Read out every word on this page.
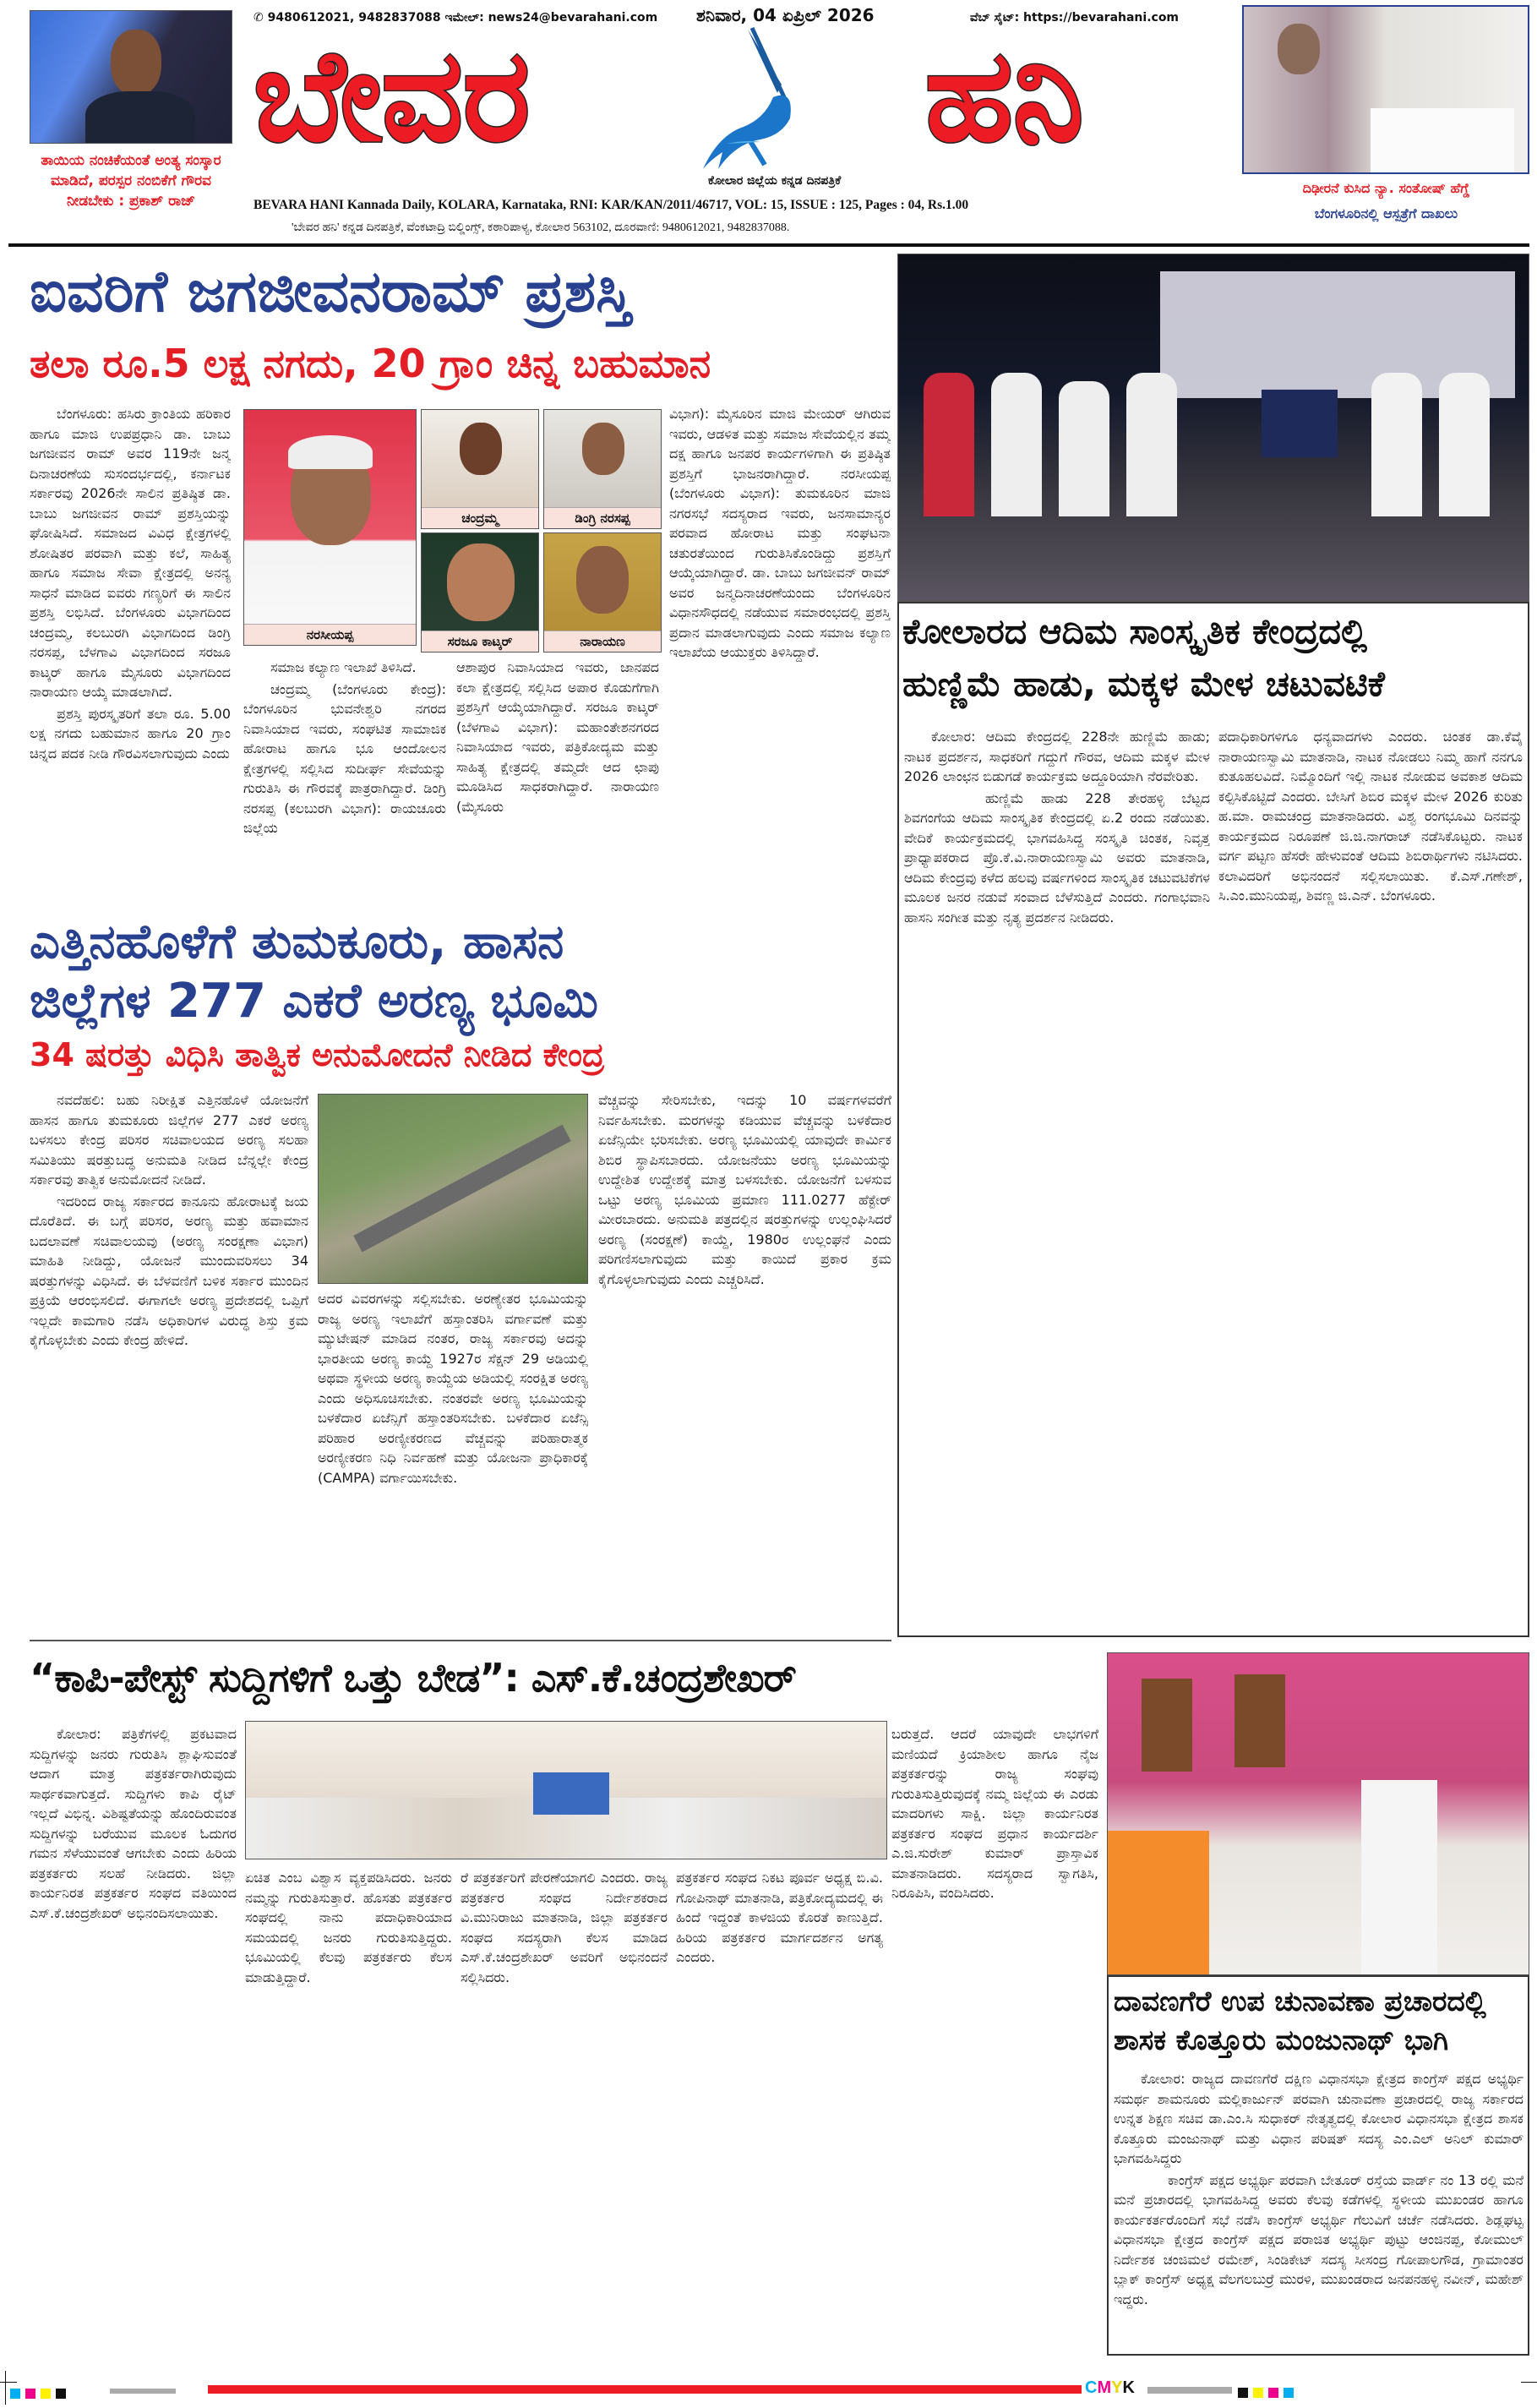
ತಾಯಿಯ ನಂಚಿಕೆಯಂತೆ ಅಂತ್ಯ ಸಂಸ್ಕಾರ ಮಾಡಿದೆ, ಪರಸ್ಪರ ನಂಬಿಕೆಗೆ ಗೌರವ ನೀಡಬೇಕು : ಪ್ರಕಾಶ್ ರಾಜ್
✆ 9480612021, 9482837088 ಇಮೇಲ್: news24@bevarahani.com	ಶನಿವಾರ, 04 ಏಪ್ರಿಲ್ 2026	ವೆಬ್ ಸೈಟ್: https://bevarahani.com
ಬೇವರ
ಕೋಲಾರ ಜಿಲ್ಲೆಯ ಕನ್ನಡ ದಿನಪತ್ರಿಕೆ
ಹನಿ
BEVARA HANI Kannada Daily, KOLARA, Karnataka, RNI: KAR/KAN/2011/46717, VOL: 15, ISSUE : 125, Pages : 04, Rs.1.00
'ಬೇವರ ಹನಿ' ಕನ್ನಡ ದಿನಪತ್ರಿಕೆ, ವೆಂಕಟಾದ್ರಿ ಬಿಲ್ಡಿಂಗ್ಸ್, ಕಠಾರಿಪಾಳ್ಯ, ಕೋಲಾರ 563102, ದೂರವಾಣಿ: 9480612021, 9482837088.
ದಿಢೀರನೆ ಕುಸಿದ ನ್ಯಾ. ಸಂತೋಷ್ ಹೆಗ್ಡೆ
ಬೆಂಗಳೂರಿನಲ್ಲಿ ಆಸ್ಪತ್ರೆಗೆ ದಾಖಲು
ಐವರಿಗೆ ಜಗಜೀವನರಾಮ್ ಪ್ರಶಸ್ತಿ
ತಲಾ ರೂ.5 ಲಕ್ಷ ನಗದು, 20 ಗ್ರಾಂ ಚಿನ್ನ ಬಹುಮಾನ

ಬೆಂಗಳೂರು: ಹಸಿರು ಕ್ರಾಂತಿಯ ಹರಿಕಾರ ಹಾಗೂ ಮಾಜಿ ಉಪಪ್ರಧಾನಿ ಡಾ. ಬಾಬು ಜಗಜೀವನ ರಾಮ್ ಅವರ 119ನೇ ಜನ್ಮ ದಿನಾಚರಣೆಯ ಸುಸಂದರ್ಭದಲ್ಲಿ, ಕರ್ನಾಟಕ ಸರ್ಕಾರವು 2026ನೇ ಸಾಲಿನ ಪ್ರತಿಷ್ಠಿತ ಡಾ. ಬಾಬು ಜಗಜೀವನ ರಾಮ್ ಪ್ರಶಸ್ತಿಯನ್ನು ಘೋಷಿಸಿದೆ. ಸಮಾಜದ ವಿವಿಧ ಕ್ಷೇತ್ರಗಳಲ್ಲಿ ಶೋಷಿತರ ಪರವಾಗಿ ಮತ್ತು ಕಲೆ, ಸಾಹಿತ್ಯ ಹಾಗೂ ಸಮಾಜ ಸೇವಾ ಕ್ಷೇತ್ರದಲ್ಲಿ ಅನನ್ಯ ಸಾಧನೆ ಮಾಡಿದ ಐವರು ಗಣ್ಯರಿಗೆ ಈ ಸಾಲಿನ ಪ್ರಶಸ್ತಿ ಲಭಿಸಿದೆ. ಬೆಂಗಳೂರು ವಿಭಾಗದಿಂದ ಚಂದ್ರಮ್ಮ, ಕಲಬುರಗಿ ವಿಭಾಗದಿಂದ ಡಿಂಗ್ರಿ ನರಸಪ್ಪ, ಬೆಳಗಾವಿ ವಿಭಾಗದಿಂದ ಸರಜೂ ಕಾಟ್ಕರ್ ಹಾಗೂ ಮೈಸೂರು ವಿಭಾಗದಿಂದ ನಾರಾಯಣ ಆಯ್ಕೆ ಮಾಡಲಾಗಿದೆ.

ಪ್ರಶಸ್ತಿ ಪುರಸ್ಕೃತರಿಗೆ ತಲಾ ರೂ. 5.00 ಲಕ್ಷ ನಗದು ಬಹುಮಾನ ಹಾಗೂ 20 ಗ್ರಾಂ ಚಿನ್ನದ ಪದಕ ನೀಡಿ ಗೌರವಿಸಲಾಗುವುದು ಎಂದು

ನರಸೀಯಪ್ಪ
ಚಂದ್ರಮ್ಮ	ಡಿಂಗ್ರಿ ನರಸಪ್ಪ
ಸರಜೂ ಕಾಟ್ಕರ್	ನಾರಾಯಣ

ಸಮಾಜ ಕಲ್ಯಾಣ ಇಲಾಖೆ ತಿಳಿಸಿದೆ.

ಚಂದ್ರಮ್ಮ (ಬೆಂಗಳೂರು ಕೇಂದ್ರ): ಬೆಂಗಳೂರಿನ ಭುವನೇಶ್ವರಿ ನಗರದ ನಿವಾಸಿಯಾದ ಇವರು, ಸಂಘಟಿತ ಸಾಮಾಜಿಕ ಹೋರಾಟ ಹಾಗೂ ಭೂ ಆಂದೋಲನ ಕ್ಷೇತ್ರಗಳಲ್ಲಿ ಸಲ್ಲಿಸಿದ ಸುದೀರ್ಘ ಸೇವೆಯನ್ನು ಗುರುತಿಸಿ ಈ ಗೌರವಕ್ಕೆ ಪಾತ್ರರಾಗಿದ್ದಾರೆ. ಡಿಂಗ್ರಿ ನರಸಪ್ಪ (ಕಲಬುರಗಿ ವಿಭಾಗ): ರಾಯಚೂರು ಜಿಲ್ಲೆಯ

ಆಶಾಪುರ ನಿವಾಸಿಯಾದ ಇವರು, ಜಾನಪದ ಕಲಾ ಕ್ಷೇತ್ರದಲ್ಲಿ ಸಲ್ಲಿಸಿದ ಅಪಾರ ಕೊಡುಗೆಗಾಗಿ ಪ್ರಶಸ್ತಿಗೆ ಆಯ್ಕೆಯಾಗಿದ್ದಾರೆ. ಸರಜೂ ಕಾಟ್ಕರ್ (ಬೆಳಗಾವಿ ವಿಭಾಗ): ಮಹಾಂತೇಶನಗರದ ನಿವಾಸಿಯಾದ ಇವರು, ಪತ್ರಿಕೋದ್ಯಮ ಮತ್ತು ಸಾಹಿತ್ಯ ಕ್ಷೇತ್ರದಲ್ಲಿ ತಮ್ಮದೇ ಆದ ಛಾಪು ಮೂಡಿಸಿದ ಸಾಧಕರಾಗಿದ್ದಾರೆ. ನಾರಾಯಣ (ಮೈಸೂರು

ವಿಭಾಗ): ಮೈಸೂರಿನ ಮಾಜಿ ಮೇಯರ್ ಆಗಿರುವ ಇವರು, ಆಡಳಿತ ಮತ್ತು ಸಮಾಜ ಸೇವೆಯಲ್ಲಿನ ತಮ್ಮ ದಕ್ಷ ಹಾಗೂ ಜನಪರ ಕಾರ್ಯಗಳಿಗಾಗಿ ಈ ಪ್ರತಿಷ್ಠಿತ ಪ್ರಶಸ್ತಿಗೆ ಭಾಜನರಾಗಿದ್ದಾರೆ. ನರಸೀಯಪ್ಪ (ಬೆಂಗಳೂರು ವಿಭಾಗ): ತುಮಕೂರಿನ ಮಾಜಿ ನಗರಸಭೆ ಸದಸ್ಯರಾದ ಇವರು, ಜನಸಾಮಾನ್ಯರ ಪರವಾದ ಹೋರಾಟ ಮತ್ತು ಸಂಘಟನಾ ಚತುರತೆಯಿಂದ ಗುರುತಿಸಿಕೊಂಡಿದ್ದು ಪ್ರಶಸ್ತಿಗೆ ಆಯ್ಕೆಯಾಗಿದ್ದಾರೆ. ಡಾ. ಬಾಬು ಜಗಜೀವನ್ ರಾಮ್ ಅವರ ಜನ್ಮದಿನಾಚರಣೆಯಂದು ಬೆಂಗಳೂರಿನ ವಿಧಾನಸೌಧದಲ್ಲಿ ನಡೆಯುವ ಸಮಾರಂಭದಲ್ಲಿ ಪ್ರಶಸ್ತಿ ಪ್ರದಾನ ಮಾಡಲಾಗುವುದು ಎಂದು ಸಮಾಜ ಕಲ್ಯಾಣ ಇಲಾಖೆಯ ಆಯುಕ್ತರು ತಿಳಿಸಿದ್ದಾರೆ.

ಕೋಲಾರದ ಆದಿಮ ಸಾಂಸ್ಕೃತಿಕ ಕೇಂದ್ರದಲ್ಲಿ
ಹುಣ್ಣಿಮೆ ಹಾಡು, ಮಕ್ಕಳ ಮೇಳ ಚಟುವಟಿಕೆ

ಕೋಲಾರ: ಆದಿಮ ಕೇಂದ್ರದಲ್ಲಿ 228ನೇ ಹುಣ್ಣಿಮೆ ಹಾಡು; ನಾಟಕ ಪ್ರದರ್ಶನ, ಸಾಧಕರಿಗೆ ಗದ್ದುಗೆ ಗೌರವ, ಆದಿಮ ಮಕ್ಕಳ ಮೇಳ 2026 ಲಾಂಛನ ಬಿಡುಗಡೆ ಕಾರ್ಯಕ್ರಮ ಅದ್ದೂರಿಯಾಗಿ ನೆರವೇರಿತು.

ಹುಣ್ಣಿಮೆ ಹಾಡು 228 ತೇರಹಳ್ಳಿ ಬೆಟ್ಟದ ಶಿವಗಂಗೆಯ ಆದಿಮ ಸಾಂಸ್ಕೃತಿಕ ಕೇಂದ್ರದಲ್ಲಿ ಏ.2 ರಂದು ನಡೆಯಿತು. ವೇದಿಕೆ ಕಾರ್ಯಕ್ರಮದಲ್ಲಿ ಭಾಗವಹಿಸಿದ್ದ ಸಂಸ್ಕೃತಿ ಚಿಂತಕ, ನಿವೃತ್ತ ಪ್ರಾಧ್ಯಾಪಕರಾದ ಪ್ರೊ.ಕೆ.ವಿ.ನಾರಾಯಣಸ್ವಾಮಿ ಅವರು ಮಾತನಾಡಿ, ಆದಿಮ ಕೇಂದ್ರವು ಕಳೆದ ಹಲವು ವರ್ಷಗಳಿಂದ ಸಾಂಸ್ಕೃತಿಕ ಚಟುವಟಿಕೆಗಳ ಮೂಲಕ ಜನರ ನಡುವೆ ಸಂವಾದ ಬೆಳೆಸುತ್ತಿದೆ ಎಂದರು. ಗಂಗಾಭವಾನಿ ಹಾಸನಿ ಸಂಗೀತ ಮತ್ತು ನೃತ್ಯ ಪ್ರದರ್ಶನ ನೀಡಿದರು.

ಪದಾಧಿಕಾರಿಗಳಿಗೂ ಧನ್ಯವಾದಗಳು ಎಂದರು. ಚಿಂತಕ ಡಾ.ಕೆವೈ ನಾರಾಯಣಸ್ವಾಮಿ ಮಾತನಾಡಿ, ನಾಟಕ ನೋಡಲು ನಿಮ್ಮ ಹಾಗೆ ನನಗೂ ಕುತೂಹಲವಿದೆ. ನಿಮ್ಮೊಂದಿಗೆ ಇಲ್ಲಿ ನಾಟಕ ನೋಡುವ ಅವಕಾಶ ಆದಿಮ ಕಲ್ಪಿಸಿಕೊಟ್ಟಿದೆ ಎಂದರು. ಬೇಸಿಗೆ ಶಿಬಿರ ಮಕ್ಕಳ ಮೇಳ 2026 ಕುರಿತು ಹ.ಮಾ. ರಾಮಚಂದ್ರ ಮಾತನಾಡಿದರು. ವಿಶ್ವ ರಂಗಭೂಮಿ ದಿನವನ್ನು ಕಾರ್ಯಕ್ರಮದ ನಿರೂಪಣೆ ಜಿ.ಜಿ.ನಾಗರಾಜ್ ನಡೆಸಿಕೊಟ್ಟರು. ನಾಟಕ ವರ್ಗ ಪಟ್ಟಣ ಹೆಸರೇ ಹೇಳುವಂತೆ ಆದಿಮ ಶಿಬಿರಾರ್ಥಿಗಳು ನಟಿಸಿದರು. ಕಲಾವಿದರಿಗೆ ಅಭಿನಂದನೆ ಸಲ್ಲಿಸಲಾಯಿತು. ಕೆ.ಎಸ್.ಗಣೇಶ್, ಸಿ.ಎಂ.ಮುನಿಯಪ್ಪ, ಶಿವಣ್ಣ ಜಿ.ಎನ್. ಬೆಂಗಳೂರು.

ಎತ್ತಿನಹೊಳೆಗೆ ತುಮಕೂರು, ಹಾಸನ
ಜಿಲ್ಲೆಗಳ 277 ಎಕರೆ ಅರಣ್ಯ ಭೂಮಿ
34 ಷರತ್ತು ವಿಧಿಸಿ ತಾತ್ವಿಕ ಅನುಮೋದನೆ ನೀಡಿದ ಕೇಂದ್ರ

ನವದೆಹಲಿ: ಬಹು ನಿರೀಕ್ಷಿತ ಎತ್ತಿನಹೊಳೆ ಯೋಜನೆಗೆ ಹಾಸನ ಹಾಗೂ ತುಮಕೂರು ಜಿಲ್ಲೆಗಳ 277 ಎಕರೆ ಅರಣ್ಯ ಬಳಸಲು ಕೇಂದ್ರ ಪರಿಸರ ಸಚಿವಾಲಯದ ಅರಣ್ಯ ಸಲಹಾ ಸಮಿತಿಯು ಷರತ್ತುಬದ್ಧ ಅನುಮತಿ ನೀಡಿದ ಬೆನ್ನಲ್ಲೇ ಕೇಂದ್ರ ಸರ್ಕಾರವು ತಾತ್ವಿಕ ಅನುಮೋದನೆ ನೀಡಿದೆ.

ಇದರಿಂದ ರಾಜ್ಯ ಸರ್ಕಾರದ ಕಾನೂನು ಹೋರಾಟಕ್ಕೆ ಜಯ ದೊರೆತಿದೆ. ಈ ಬಗ್ಗೆ ಪರಿಸರ, ಅರಣ್ಯ ಮತ್ತು ಹವಾಮಾನ ಬದಲಾವಣೆ ಸಚಿವಾಲಯವು (ಅರಣ್ಯ ಸಂರಕ್ಷಣಾ ವಿಭಾಗ) ಮಾಹಿತಿ ನೀಡಿದ್ದು, ಯೋಜನೆ ಮುಂದುವರಿಸಲು 34 ಷರತ್ತುಗಳನ್ನು ವಿಧಿಸಿದೆ. ಈ ಬೆಳವಣಿಗೆ ಬಳಿಕ ಸರ್ಕಾರ ಮುಂದಿನ ಪ್ರಕ್ರಿಯೆ ಆರಂಭಿಸಲಿದೆ. ಈಗಾಗಲೇ ಅರಣ್ಯ ಪ್ರದೇಶದಲ್ಲಿ ಒಪ್ಪಿಗೆ ಇಲ್ಲದೇ ಕಾಮಗಾರಿ ನಡೆಸಿ ಅಧಿಕಾರಿಗಳ ವಿರುದ್ಧ ಶಿಸ್ತು ಕ್ರಮ ಕೈಗೊಳ್ಳಬೇಕು ಎಂದು ಕೇಂದ್ರ ಹೇಳಿದೆ.

ಅದರ ವಿವರಗಳನ್ನು ಸಲ್ಲಿಸಬೇಕು. ಅರಣ್ಯೇತರ ಭೂಮಿಯನ್ನು ರಾಜ್ಯ ಅರಣ್ಯ ಇಲಾಖೆಗೆ ಹಸ್ತಾಂತರಿಸಿ ವರ್ಗಾವಣೆ ಮತ್ತು ಮ್ಯುಟೇಷನ್ ಮಾಡಿದ ನಂತರ, ರಾಜ್ಯ ಸರ್ಕಾರವು ಅದನ್ನು ಭಾರತೀಯ ಅರಣ್ಯ ಕಾಯ್ದೆ 1927ರ ಸೆಕ್ಷನ್ 29 ಅಡಿಯಲ್ಲಿ ಅಥವಾ ಸ್ಥಳೀಯ ಅರಣ್ಯ ಕಾಯ್ದೆಯ ಅಡಿಯಲ್ಲಿ ಸಂರಕ್ಷಿತ ಅರಣ್ಯ ಎಂದು ಅಧಿಸೂಚಿಸಬೇಕು. ನಂತರವೇ ಅರಣ್ಯ ಭೂಮಿಯನ್ನು ಬಳಕೆದಾರ ಏಜೆನ್ಸಿಗೆ ಹಸ್ತಾಂತರಿಸಬೇಕು. ಬಳಕೆದಾರ ಏಜೆನ್ಸಿ ಪರಿಹಾರ ಅರಣ್ಯೀಕರಣದ ವೆಚ್ಚವನ್ನು ಪರಿಹಾರಾತ್ಮಕ ಅರಣ್ಯೀಕರಣ ನಿಧಿ ನಿರ್ವಹಣೆ ಮತ್ತು ಯೋಜನಾ ಪ್ರಾಧಿಕಾರಕ್ಕೆ (CAMPA) ವರ್ಗಾಯಿಸಬೇಕು.

ವೆಚ್ಚವನ್ನು ಸೇರಿಸಬೇಕು, ಇದನ್ನು 10 ವರ್ಷಗಳವರೆಗೆ ನಿರ್ವಹಿಸಬೇಕು. ಮರಗಳನ್ನು ಕಡಿಯುವ ವೆಚ್ಚವನ್ನು ಬಳಕೆದಾರ ಏಜೆನ್ಸಿಯೇ ಭರಿಸಬೇಕು. ಅರಣ್ಯ ಭೂಮಿಯಲ್ಲಿ ಯಾವುದೇ ಕಾರ್ಮಿಕ ಶಿಬಿರ ಸ್ಥಾಪಿಸಬಾರದು. ಯೋಜನೆಯು ಅರಣ್ಯ ಭೂಮಿಯನ್ನು ಉದ್ದೇಶಿತ ಉದ್ದೇಶಕ್ಕೆ ಮಾತ್ರ ಬಳಸಬೇಕು. ಯೋಜನೆಗೆ ಬಳಸುವ ಒಟ್ಟು ಅರಣ್ಯ ಭೂಮಿಯ ಪ್ರಮಾಣ 111.0277 ಹೆಕ್ಟೇರ್ ಮೀರಬಾರದು. ಅನುಮತಿ ಪತ್ರದಲ್ಲಿನ ಷರತ್ತುಗಳನ್ನು ಉಲ್ಲಂಘಿಸಿದರೆ ಅರಣ್ಯ (ಸಂರಕ್ಷಣೆ) ಕಾಯ್ದೆ, 1980ರ ಉಲ್ಲಂಘನೆ ಎಂದು ಪರಿಗಣಿಸಲಾಗುವುದು ಮತ್ತು ಕಾಯಿದೆ ಪ್ರಕಾರ ಕ್ರಮ ಕೈಗೊಳ್ಳಲಾಗುವುದು ಎಂದು ಎಚ್ಚರಿಸಿದೆ.

“ಕಾಪಿ-ಪೇಸ್ಟ್ ಸುದ್ದಿಗಳಿಗೆ ಒತ್ತು ಬೇಡ”: ಎಸ್.ಕೆ.ಚಂದ್ರಶೇಖರ್

ಕೋಲಾರ: ಪತ್ರಿಕೆಗಳಲ್ಲಿ ಪ್ರಕಟವಾದ ಸುದ್ದಿಗಳನ್ನು ಜನರು ಗುರುತಿಸಿ ಶ್ಲಾಘಿಸುವಂತೆ ಆದಾಗ ಮಾತ್ರ ಪತ್ರಕರ್ತರಾಗಿರುವುದು ಸಾರ್ಥಕವಾಗುತ್ತದೆ. ಸುದ್ದಿಗಳು ಕಾಪಿ ರೈಟ್ ಇಲ್ಲದೆ ವಿಭಿನ್ನ. ವಿಶಿಷ್ಟತೆಯನ್ನು ಹೊಂದಿರುವಂತ ಸುದ್ದಿಗಳನ್ನು ಬರೆಯುವ ಮೂಲಕ ಓದುಗರ ಗಮನ ಸೆಳೆಯುವಂತೆ ಆಗಬೇಕು ಎಂದು ಹಿರಿಯ ಪತ್ರಕರ್ತರು ಸಲಹೆ ನೀಡಿದರು. ಜಿಲ್ಲಾ ಕಾರ್ಯನಿರತ ಪತ್ರಕರ್ತರ ಸಂಘದ ವತಿಯಿಂದ ಎಸ್.ಕೆ.ಚಂದ್ರಶೇಖರ್ ಅಭಿನಂದಿಸಲಾಯಿತು.

ಏಚಿತ ಎಂಬ ವಿಶ್ವಾಸ ವ್ಯಕ್ತಪಡಿಸಿದರು. ಜನರು ನಮ್ಮನ್ನು ಗುರುತಿಸುತ್ತಾರೆ. ಹೊಸತು ಪತ್ರಕರ್ತರ ಸಂಘದಲ್ಲಿ ನಾನು ಪದಾಧಿಕಾರಿಯಾದ ಸಮಯದಲ್ಲಿ ಜನರು ಗುರುತಿಸುತ್ತಿದ್ದರು. ಭೂಮಿಯಲ್ಲಿ ಕೆಲವು ಪತ್ರಕರ್ತರು ಕೆಲಸ ಮಾಡುತ್ತಿದ್ದಾರೆ.

ರೆ ಪತ್ರಕರ್ತರಿಗೆ ಪೇರಣೆಯಾಗಲಿ ಎಂದರು. ರಾಜ್ಯ ಪತ್ರಕರ್ತರ ಸಂಘದ ನಿರ್ದೇಶಕರಾದ ವಿ.ಮುನಿರಾಜು ಮಾತನಾಡಿ, ಜಿಲ್ಲಾ ಪತ್ರಕರ್ತರ ಸಂಘದ ಸದಸ್ಯರಾಗಿ ಕೆಲಸ ಮಾಡಿದ ಎಸ್.ಕೆ.ಚಂದ್ರಶೇಖರ್ ಅವರಿಗೆ ಅಭಿನಂದನೆ ಸಲ್ಲಿಸಿದರು.

ಪತ್ರಕರ್ತರ ಸಂಘದ ನಿಕಟ ಪೂರ್ವ ಅಧ್ಯಕ್ಷ ಬಿ.ವಿ. ಗೋಪಿನಾಥ್ ಮಾತನಾಡಿ, ಪತ್ರಿಕೋದ್ಯಮದಲ್ಲಿ ಈ ಹಿಂದೆ ಇದ್ದಂತೆ ಕಾಳಜಿಯ ಕೊರತೆ ಕಾಣುತ್ತಿದೆ. ಹಿರಿಯ ಪತ್ರಕರ್ತರ ಮಾರ್ಗದರ್ಶನ ಅಗತ್ಯ ಎಂದರು.

ಬರುತ್ತದೆ. ಆದರೆ ಯಾವುದೇ ಲಾಭಗಳಿಗೆ ಮಣಿಯದೆ ಕ್ರಿಯಾಶೀಲ ಹಾಗೂ ನೈಜ ಪತ್ರಕರ್ತರನ್ನು ರಾಜ್ಯ ಸಂಘವು ಗುರುತಿಸುತ್ತಿರುವುದಕ್ಕೆ ನಮ್ಮ ಜಿಲ್ಲೆಯ ಈ ಎರಡು ಮಾದರಿಗಳು ಸಾಕ್ಷಿ. ಜಿಲ್ಲಾ ಕಾರ್ಯನಿರತ ಪತ್ರಕರ್ತರ ಸಂಘದ ಪ್ರಧಾನ ಕಾರ್ಯದರ್ಶಿ ಎ.ಜಿ.ಸುರೇಶ್ ಕುಮಾರ್ ಪ್ರಾಸ್ತಾವಿಕ ಮಾತನಾಡಿದರು. ಸದಸ್ಯರಾದ ಸ್ವಾಗತಿಸಿ, ನಿರೂಪಿಸಿ, ವಂದಿಸಿದರು.

ದಾವಣಗೆರೆ ಉಪ ಚುನಾವಣಾ ಪ್ರಚಾರದಲ್ಲಿ
ಶಾಸಕ ಕೊತ್ತೂರು ಮಂಜುನಾಥ್ ಭಾಗಿ

ಕೋಲಾರ: ರಾಜ್ಯದ ದಾವಣಗೆರೆ ದಕ್ಷಿಣ ವಿಧಾನಸಭಾ ಕ್ಷೇತ್ರದ ಕಾಂಗ್ರೆಸ್ ಪಕ್ಷದ ಅಭ್ಯರ್ಥಿ ಸಮರ್ಥ ಶಾಮನೂರು ಮಲ್ಲಿಕಾರ್ಜುನ್ ಪರವಾಗಿ ಚುನಾವಣಾ ಪ್ರಚಾರದಲ್ಲಿ ರಾಜ್ಯ ಸರ್ಕಾರದ ಉನ್ನತ ಶಿಕ್ಷಣ ಸಚಿವ ಡಾ.ಎಂ.ಸಿ ಸುಧಾಕರ್ ನೇತೃತ್ವದಲ್ಲಿ ಕೋಲಾರ ವಿಧಾನಸಭಾ ಕ್ಷೇತ್ರದ ಶಾಸಕ ಕೊತ್ತೂರು ಮಂಜುನಾಥ್ ಮತ್ತು ವಿಧಾನ ಪರಿಷತ್ ಸದಸ್ಯ ಎಂ.ಎಲ್ ಅನಿಲ್ ಕುಮಾರ್ ಭಾಗವಹಿಸಿದ್ದರು

ಕಾಂಗ್ರೆಸ್ ಪಕ್ಷದ ಅಭ್ಯರ್ಥಿ ಪರವಾಗಿ ಬೇತೂರ್ ರಸ್ತೆಯ ವಾರ್ಡ್ ನಂ 13 ರಲ್ಲಿ ಮನೆ ಮನೆ ಪ್ರಚಾರದಲ್ಲಿ ಭಾಗವಹಿಸಿದ್ದ ಅವರು ಕೆಲವು ಕಡೆಗಳಲ್ಲಿ ಸ್ಥಳೀಯ ಮುಖಂಡರ ಹಾಗೂ ಕಾರ್ಯಕರ್ತರೊಂದಿಗೆ ಸಭೆ ನಡೆಸಿ ಕಾಂಗ್ರೆಸ್ ಅಭ್ಯರ್ಥಿ ಗೆಲುವಿಗೆ ಚರ್ಚೆ ನಡೆಸಿದರು. ಶಿಡ್ಲಘಟ್ಟ ವಿಧಾನಸಭಾ ಕ್ಷೇತ್ರದ ಕಾಂಗ್ರೆಸ್ ಪಕ್ಷದ ಪರಾಜಿತ ಅಭ್ಯರ್ಥಿ ಪುಟ್ಟು ಆಂಜಿನಪ್ಪ, ಕೋಮುಲ್ ನಿರ್ದೇಶಕ ಚಂಜಿಮಲೆ ರಮೇಶ್, ಸಿಂಡಿಕೇಟ್ ಸದಸ್ಯ ಸೀಸಂದ್ರ ಗೋಪಾಲಗೌಡ, ಗ್ರಾಮಾಂತರ ಬ್ಲಾಕ್ ಕಾಂಗ್ರೆಸ್ ಅಧ್ಯಕ್ಷ ವೆಲಗಲಬುರ್ರೆ ಮುರಳಿ, ಮುಖಂಡರಾದ ಜನಪನಹಳ್ಳಿ ನವೀನ್, ಮಹೇಶ್ ಇದ್ದರು.

CMYK
